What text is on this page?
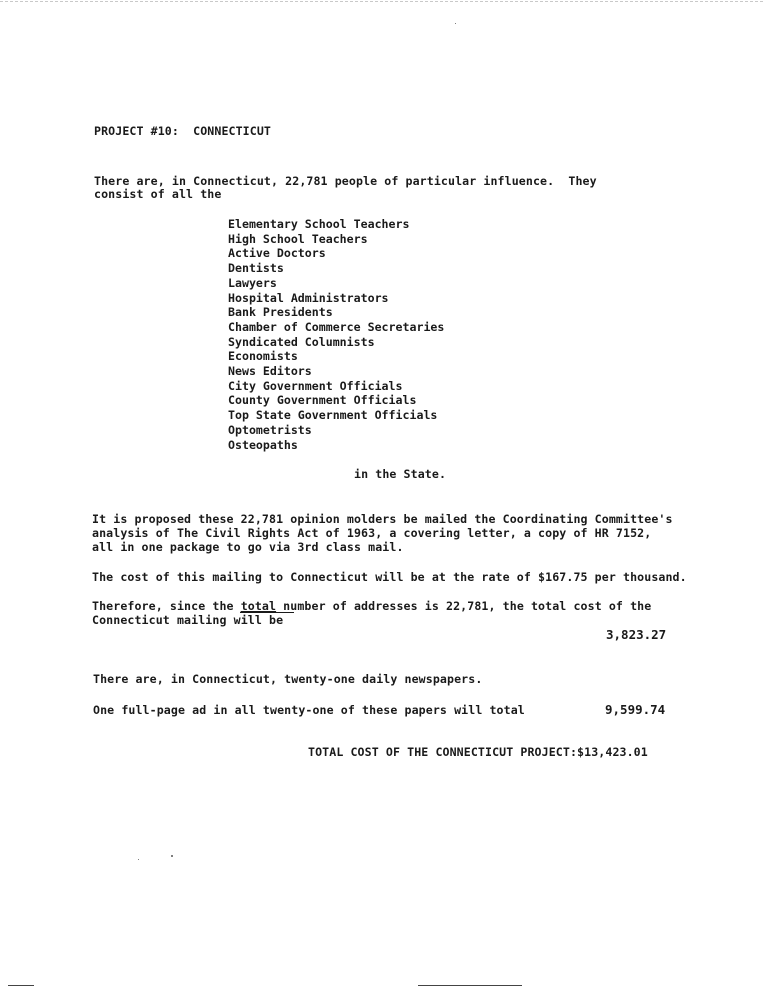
PROJECT #10:  CONNECTICUT
There are, in Connecticut, 22,781 people of particular influence.  They
consist of all the
Elementary School Teachers
High School Teachers
Active Doctors
Dentists
Lawyers
Hospital Administrators
Bank Presidents
Chamber of Commerce Secretaries
Syndicated Columnists
Economists
News Editors
City Government Officials
County Government Officials
Top State Government Officials
Optometrists
Osteopaths
in the State.
It is proposed these 22,781 opinion molders be mailed the Coordinating Committee's
analysis of The Civil Rights Act of 1963, a covering letter, a copy of HR 7152,
all in one package to go via 3rd class mail.
The cost of this mailing to Connecticut will be at the rate of $167.75 per thousand.
Therefore, since the total number of addresses is 22,781, the total cost of the
Connecticut mailing will be
3,823.27
There are, in Connecticut, twenty-one daily newspapers.
One full-page ad in all twenty-one of these papers will total	9,599.74
TOTAL COST OF THE CONNECTICUT PROJECT:$13,423.01
